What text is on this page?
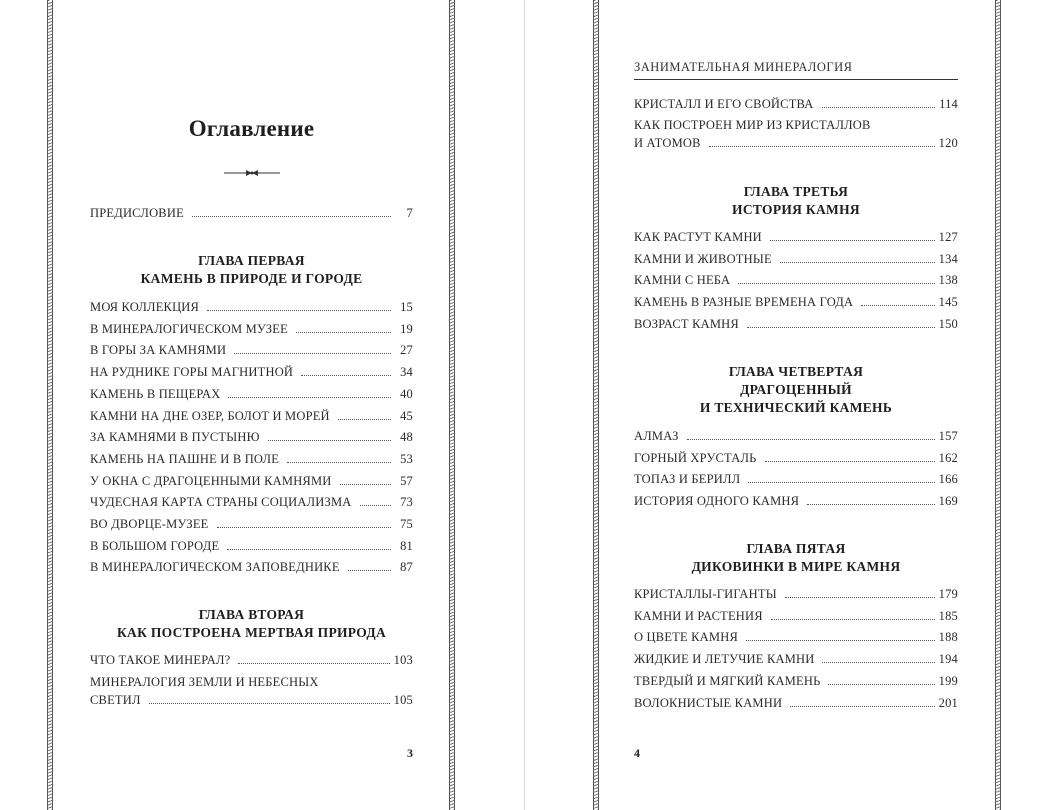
Оглавление
ПРЕДИСЛОВИЕ	7
ГЛАВА ПЕРВАЯ
КАМЕНЬ В ПРИРОДЕ И ГОРОДЕ
МОЯ КОЛЛЕКЦИЯ	15
В МИНЕРАЛОГИЧЕСКОМ МУЗЕЕ	19
В ГОРЫ ЗА КАМНЯМИ	27
НА РУДНИКЕ ГОРЫ МАГНИТНОЙ	34
КАМЕНЬ В ПЕЩЕРАХ	40
КАМНИ НА ДНЕ ОЗЕР, БОЛОТ И МОРЕЙ	45
ЗА КАМНЯМИ В ПУСТЫНЮ	48
КАМЕНЬ НА ПАШНЕ И В ПОЛЕ	53
У ОКНА С ДРАГОЦЕННЫМИ КАМНЯМИ	57
ЧУДЕСНАЯ КАРТА СТРАНЫ СОЦИАЛИЗМА	73
ВО ДВОРЦЕ-МУЗЕЕ	75
В БОЛЬШОМ ГОРОДЕ	81
В МИНЕРАЛОГИЧЕСКОМ ЗАПОВЕДНИКЕ	87
ГЛАВА ВТОРАЯ
КАК ПОСТРОЕНА МЕРТВАЯ ПРИРОДА
ЧТО ТАКОЕ МИНЕРАЛ?	103
МИНЕРАЛОГИЯ ЗЕМЛИ И НЕБЕСНЫХ
СВЕТИЛ	105
3
ЗАНИМАТЕЛЬНАЯ МИНЕРАЛОГИЯ
КРИСТАЛЛ И ЕГО СВОЙСТВА	114
КАК ПОСТРОЕН МИР ИЗ КРИСТАЛЛОВ
И АТОМОВ	120
ГЛАВА ТРЕТЬЯ
ИСТОРИЯ КАМНЯ
КАК РАСТУТ КАМНИ	127
КАМНИ И ЖИВОТНЫЕ	134
КАМНИ С НЕБА	138
КАМЕНЬ В РАЗНЫЕ ВРЕМЕНА ГОДА	145
ВОЗРАСТ КАМНЯ	150
ГЛАВА ЧЕТВЕРТАЯ
ДРАГОЦЕННЫЙ
И ТЕХНИЧЕСКИЙ КАМЕНЬ
АЛМАЗ	157
ГОРНЫЙ ХРУСТАЛЬ	162
ТОПАЗ И БЕРИЛЛ	166
ИСТОРИЯ ОДНОГО КАМНЯ	169
ГЛАВА ПЯТАЯ
ДИКОВИНКИ В МИРЕ КАМНЯ
КРИСТАЛЛЫ-ГИГАНТЫ	179
КАМНИ И РАСТЕНИЯ	185
О ЦВЕТЕ КАМНЯ	188
ЖИДКИЕ И ЛЕТУЧИЕ КАМНИ	194
ТВЕРДЫЙ И МЯГКИЙ КАМЕНЬ	199
ВОЛОКНИСТЫЕ КАМНИ	201
4
